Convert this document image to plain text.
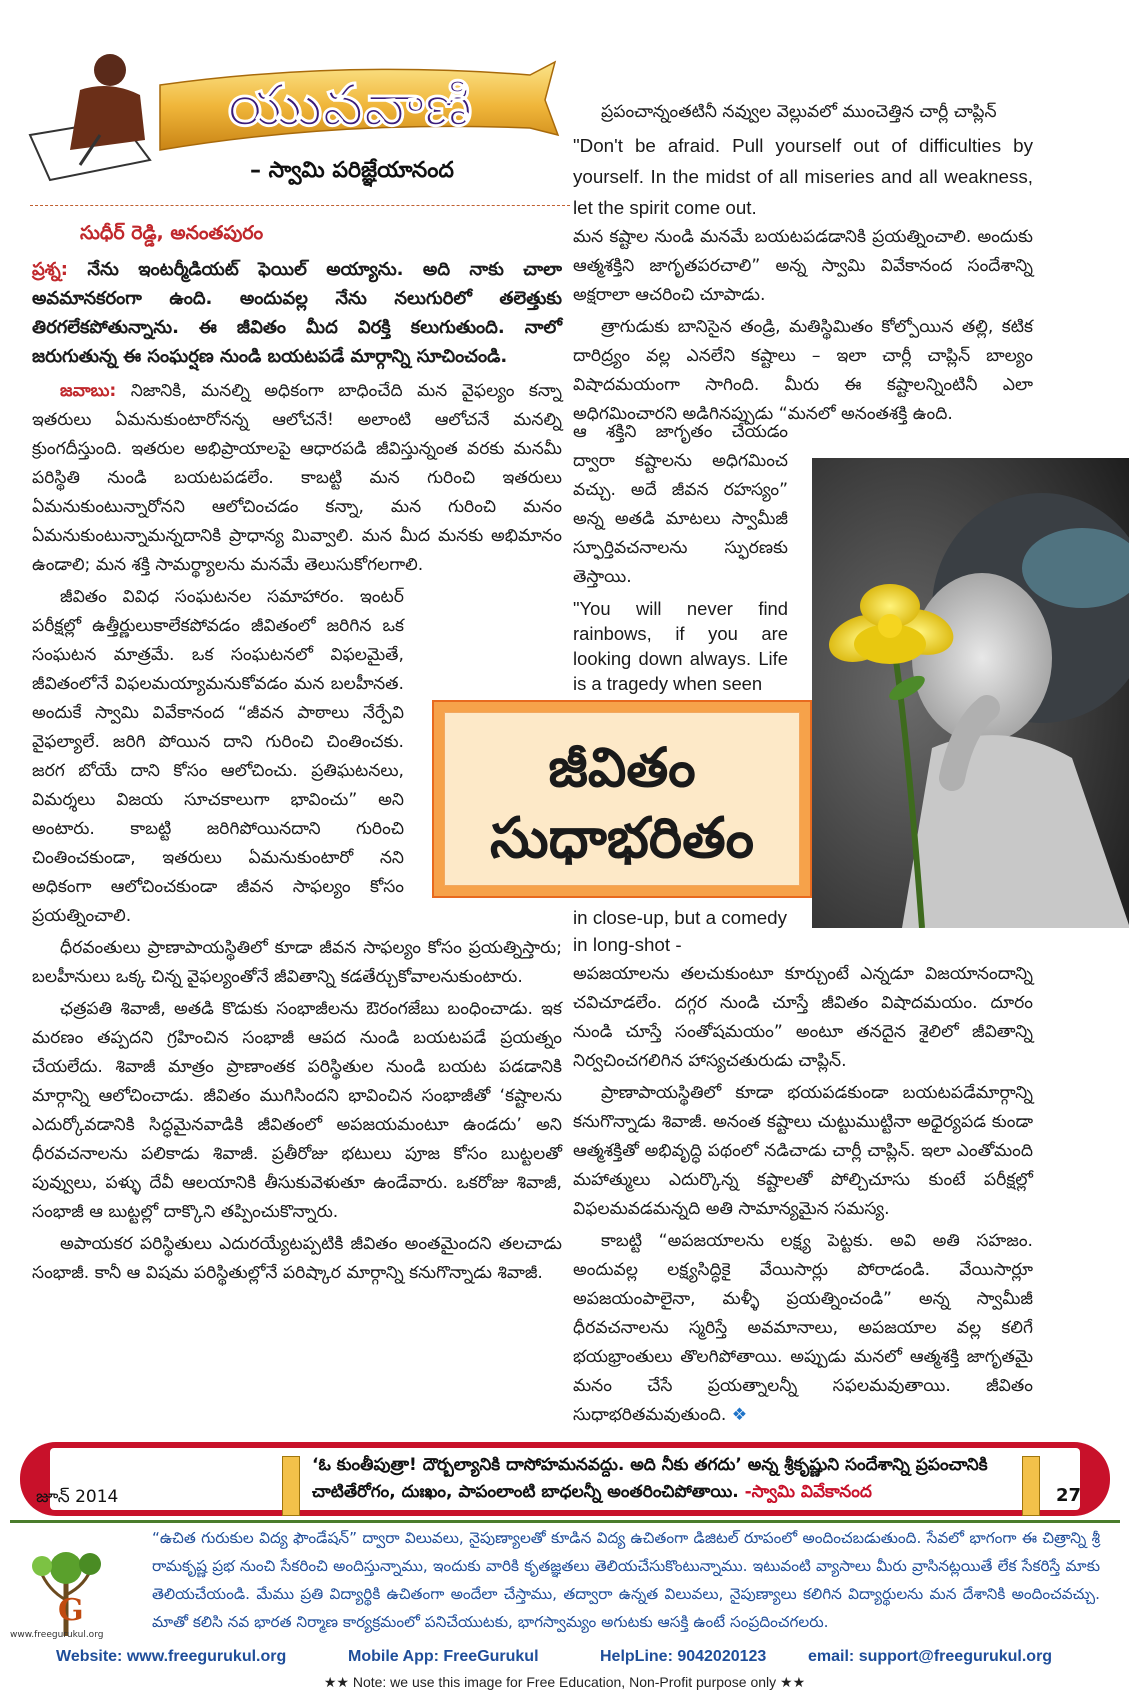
యువవాణి
– స్వామి పరిజ్ఞేయానంద
సుధీర్ రెడ్డి, అనంతపురం

ప్రశ్న: నేను ఇంటర్మీడియట్ ఫెయిల్ అయ్యాను. అది నాకు చాలా అవమానకరంగా ఉంది. అందువల్ల నేను నలుగురిలో తలెత్తుకు తిరగలేకపోతున్నాను. ఈ జీవితం మీద విరక్తి కలుగుతుంది. నాలో జరుగుతున్న ఈ సంఘర్షణ నుండి బయటపడే మార్గాన్ని సూచించండి.

జవాబు: నిజానికి, మనల్ని అధికంగా బాధించేది మన వైఫల్యం కన్నా ఇతరులు ఏమనుకుంటారోనన్న ఆలోచనే! అలాంటి ఆలోచనే మనల్ని క్రుంగదీస్తుంది. ఇతరుల అభిప్రాయాలపై ఆధారపడి జీవిస్తున్నంత వరకు మనమీ పరిస్థితి నుండి బయటపడలేం. కాబట్టి మన గురించి ఇతరులు ఏమనుకుంటున్నారోనని ఆలోచించడం కన్నా, మన గురించి మనం ఏమనుకుంటున్నామన్నదానికి ప్రాధాన్య మివ్వాలి. మన మీద మనకు అభిమానం ఉండాలి; మన శక్తి సామర్థ్యాలను మనమే తెలుసుకోగలగాలి.

జీవితం వివిధ సంఘటనల సమాహారం. ఇంటర్ పరీక్షల్లో ఉత్తీర్ణులుకాలేకపోవడం జీవితంలో జరిగిన ఒక సంఘటన మాత్రమే. ఒక సంఘటనలో విఫలమైతే, జీవితంలోనే విఫలమయ్యామనుకోవడం మన బలహీనత. అందుకే స్వామి వివేకానంద “జీవన పాఠాలు నేర్పేవి వైఫల్యాలే. జరిగి పోయిన దాని గురించి చింతించకు. జరగ బోయే దాని కోసం ఆలోచించు. ప్రతిఘటనలు, విమర్శలు విజయ సూచకాలుగా భావించు” అని అంటారు. కాబట్టి జరిగిపోయినదాని గురించి చింతించకుండా, ఇతరులు ఏమనుకుంటారో నని అధికంగా ఆలోచించకుండా జీవన సాఫల్యం కోసం ప్రయత్నించాలి.

ధీరవంతులు ప్రాణాపాయస్థితిలో కూడా జీవన సాఫల్యం కోసం ప్రయత్నిస్తారు; బలహీనులు ఒక్క చిన్న వైఫల్యంతోనే జీవితాన్ని కడతేర్చుకోవాలనుకుంటారు.

ఛత్రపతి శివాజీ, అతడి కొడుకు సంభాజీలను ఔరంగజేబు బంధించాడు. ఇక మరణం తప్పదని గ్రహించిన సంభాజీ ఆపద నుండి బయటపడే ప్రయత్నం చేయలేదు. శివాజీ మాత్రం ప్రాణాంతక పరిస్థితుల నుండి బయట పడడానికి మార్గాన్ని ఆలోచించాడు. జీవితం ముగిసిందని భావించిన సంభాజీతో ‘కష్టాలను ఎదుర్కోవడానికి సిద్ధమైనవాడికి జీవితంలో అపజయమంటూ ఉండదు’ అని ధీరవచనాలను పలికాడు శివాజీ. ప్రతీరోజు భటులు పూజ కోసం బుట్టలతో పువ్వులు, పళ్ళు దేవీ ఆలయానికి తీసుకువెళుతూ ఉండేవారు. ఒకరోజు శివాజీ, సంభాజీ ఆ బుట్టల్లో దాక్కొని తప్పించుకొన్నారు.

అపాయకర పరిస్థితులు ఎదురయ్యేటప్పటికి జీవితం అంతమైందని తలచాడు సంభాజీ. కానీ ఆ విషమ పరిస్థితుల్లోనే పరిష్కార మార్గాన్ని కనుగొన్నాడు శివాజీ.

ప్రపంచాన్నంతటినీ నవ్వుల వెల్లువలో ముంచెత్తిన చార్లీ చాప్లిన్

"Don't be afraid. Pull yourself out of difficulties by yourself. In the midst of all miseries and all weakness, let the spirit come out.

మన కష్టాల నుండి మనమే బయటపడడానికి ప్రయత్నించాలి. అందుకు ఆత్మశక్తిని జాగృతపరచాలి” అన్న స్వామి వివేకానంద సందేశాన్ని అక్షరాలా ఆచరించి చూపాడు.

త్రాగుడుకు బానిసైన తండ్రి, మతిస్థిమితం కోల్పోయిన తల్లి, కటిక దారిద్ర్యం వల్ల ఎనలేని కష్టాలు – ఇలా చార్లీ చాప్లిన్ బాల్యం విషాదమయంగా సాగింది. మీరు ఈ కష్టాలన్నింటినీ ఎలా అధిగమించారని అడిగినప్పుడు “మనలో అనంతశక్తి ఉంది.

ఆ శక్తిని జాగృతం చేయడం ద్వారా కష్టాలను అధిగమించ వచ్చు. అదే జీవన రహస్యం” అన్న అతడి మాటలు స్వామీజీ స్ఫూర్తివచనాలను స్ఫురణకు తెస్తాయి.

"You will never find rainbows, if you are looking down always. Life is a tragedy when seen

జీవితం
సుధాభరితం

in close-up, but a comedy

in long-shot -

అపజయాలను తలచుకుంటూ కూర్చుంటే ఎన్నడూ విజయానందాన్ని చవిచూడలేం. దగ్గర నుండి చూస్తే జీవితం విషాదమయం. దూరం నుండి చూస్తే సంతోషమయం” అంటూ తనదైన శైలిలో జీవితాన్ని నిర్వచించగలిగిన హాస్యచతురుడు చాప్లిన్.

ప్రాణాపాయస్థితిలో కూడా భయపడకుండా బయటపడేమార్గాన్ని కనుగొన్నాడు శివాజీ. అనంత కష్టాలు చుట్టుముట్టినా అధైర్యపడ కుండా ఆత్మశక్తితో అభివృద్ధి పథంలో నడిచాడు చార్లీ చాప్లిన్. ఇలా ఎంతోమంది మహాత్ములు ఎదుర్కొన్న కష్టాలతో పోల్చిచూసు కుంటే పరీక్షల్లో విఫలమవడమన్నది అతి సామాన్యమైన సమస్య.

కాబట్టి “అపజయాలను లక్ష్య పెట్టకు. అవి అతి సహజం. అందువల్ల లక్ష్యసిద్ధికై వేయిసార్లు పోరాడండి. వేయిసార్లూ అపజయంపాలైనా, మళ్ళీ ప్రయత్నించండి” అన్న స్వామీజీ ధీరవచనాలను స్మరిస్తే అవమానాలు, అపజయాల వల్ల కలిగే భయభ్రాంతులు తొలగిపోతాయి. అప్పుడు మనలో ఆత్మశక్తి జాగృతమై మనం చేసే ప్రయత్నాలన్నీ సఫలమవుతాయి. జీవితం సుధాభరితమవుతుంది. ❖

‘ఓ కుంతీపుత్రా! దౌర్బల్యానికి దాసోహమనవద్దు. అది నీకు తగదు’ అన్న శ్రీకృష్ణుని సందేశాన్ని ప్రపంచానికి చాటితేరోగం, దుఃఖం, పాపంలాంటి బాధలన్నీ అంతరించిపోతాయి. -స్వామి వివేకానంద
జూన్ 2014	27
G
www.freegurukul.org
“ఉచిత గురుకుల విద్య ఫౌండేషన్” ద్వారా విలువలు, నైపుణ్యాలతో కూడిన విద్య ఉచితంగా డిజిటల్ రూపంలో అందించబడుతుంది. సేవలో భాగంగా ఈ చిత్రాన్ని శ్రీ రామకృష్ణ ప్రభ నుంచి సేకరించి అందిస్తున్నాము, ఇందుకు వారికి కృతజ్ఞతలు తెలియచేసుకొంటున్నాము. ఇటువంటి వ్యాసాలు మీరు వ్రాసినట్లయితే లేక సేకరిస్తే మాకు తెలియచేయండి. మేము ప్రతి విద్యార్థికి ఉచితంగా అందేలా చేస్తాము, తద్వారా ఉన్నత విలువలు, నైపుణ్యాలు కలిగిన విద్యార్థులను మన దేశానికి అందించవచ్చు. మాతో కలిసి నవ భారత నిర్మాణ కార్యక్రమంలో పనిచేయుటకు, భాగస్వామ్యం అగుటకు ఆసక్తి ఉంటే సంప్రదించగలరు.
Website: www.freegurukul.org	Mobile App: FreeGurukul	HelpLine: 9042020123	email: support@freegurukul.org
★★ Note: we use this image for Free Education, Non-Profit purpose only ★★
